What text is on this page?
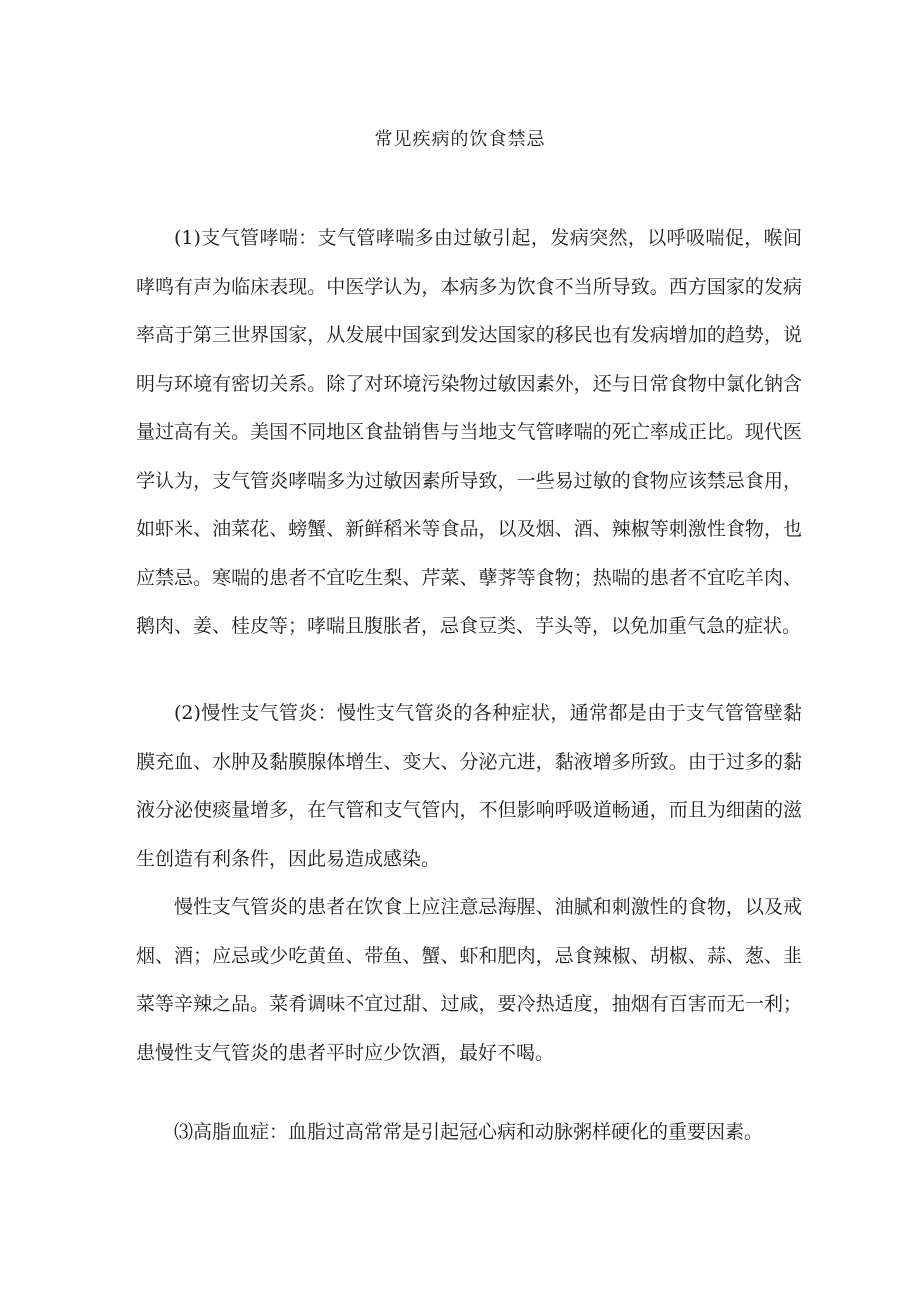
常见疾病的饮食禁忌

(1)支气管哮喘：支气管哮喘多由过敏引起，发病突然，以呼吸喘促，喉间哮鸣有声为临床表现。中医学认为，本病多为饮食不当所导致。西方国家的发病率高于第三世界国家，从发展中国家到发达国家的移民也有发病增加的趋势，说明与环境有密切关系。除了对环境污染物过敏因素外，还与日常食物中氯化钠含量过高有关。美国不同地区食盐销售与当地支气管哮喘的死亡率成正比。现代医学认为，支气管炎哮喘多为过敏因素所导致，一些易过敏的食物应该禁忌食用，如虾米、油菜花、螃蟹、新鲜稻米等食品，以及烟、酒、辣椒等刺激性食物，也应禁忌。寒喘的患者不宜吃生梨、芹菜、孽荠等食物；热喘的患者不宜吃羊肉、鹅肉、姜、桂皮等；哮喘且腹胀者，忌食豆类、芋头等，以免加重气急的症状。

(2)慢性支气管炎：慢性支气管炎的各种症状，通常都是由于支气管管壁黏膜充血、水肿及黏膜腺体增生、变大、分泌亢进，黏液增多所致。由于过多的黏液分泌使痰量增多，在气管和支气管内，不但影响呼吸道畅通，而且为细菌的滋生创造有利条件，因此易造成感染。

慢性支气管炎的患者在饮食上应注意忌海腥、油腻和刺激性的食物，以及戒烟、酒；应忌或少吃黄鱼、带鱼、蟹、虾和肥肉，忌食辣椒、胡椒、蒜、葱、韭菜等辛辣之品。菜肴调味不宜过甜、过咸，要冷热适度，抽烟有百害而无一利；患慢性支气管炎的患者平时应少饮酒，最好不喝。

⑶高脂血症：血脂过高常常是引起冠心病和动脉粥样硬化的重要因素。
